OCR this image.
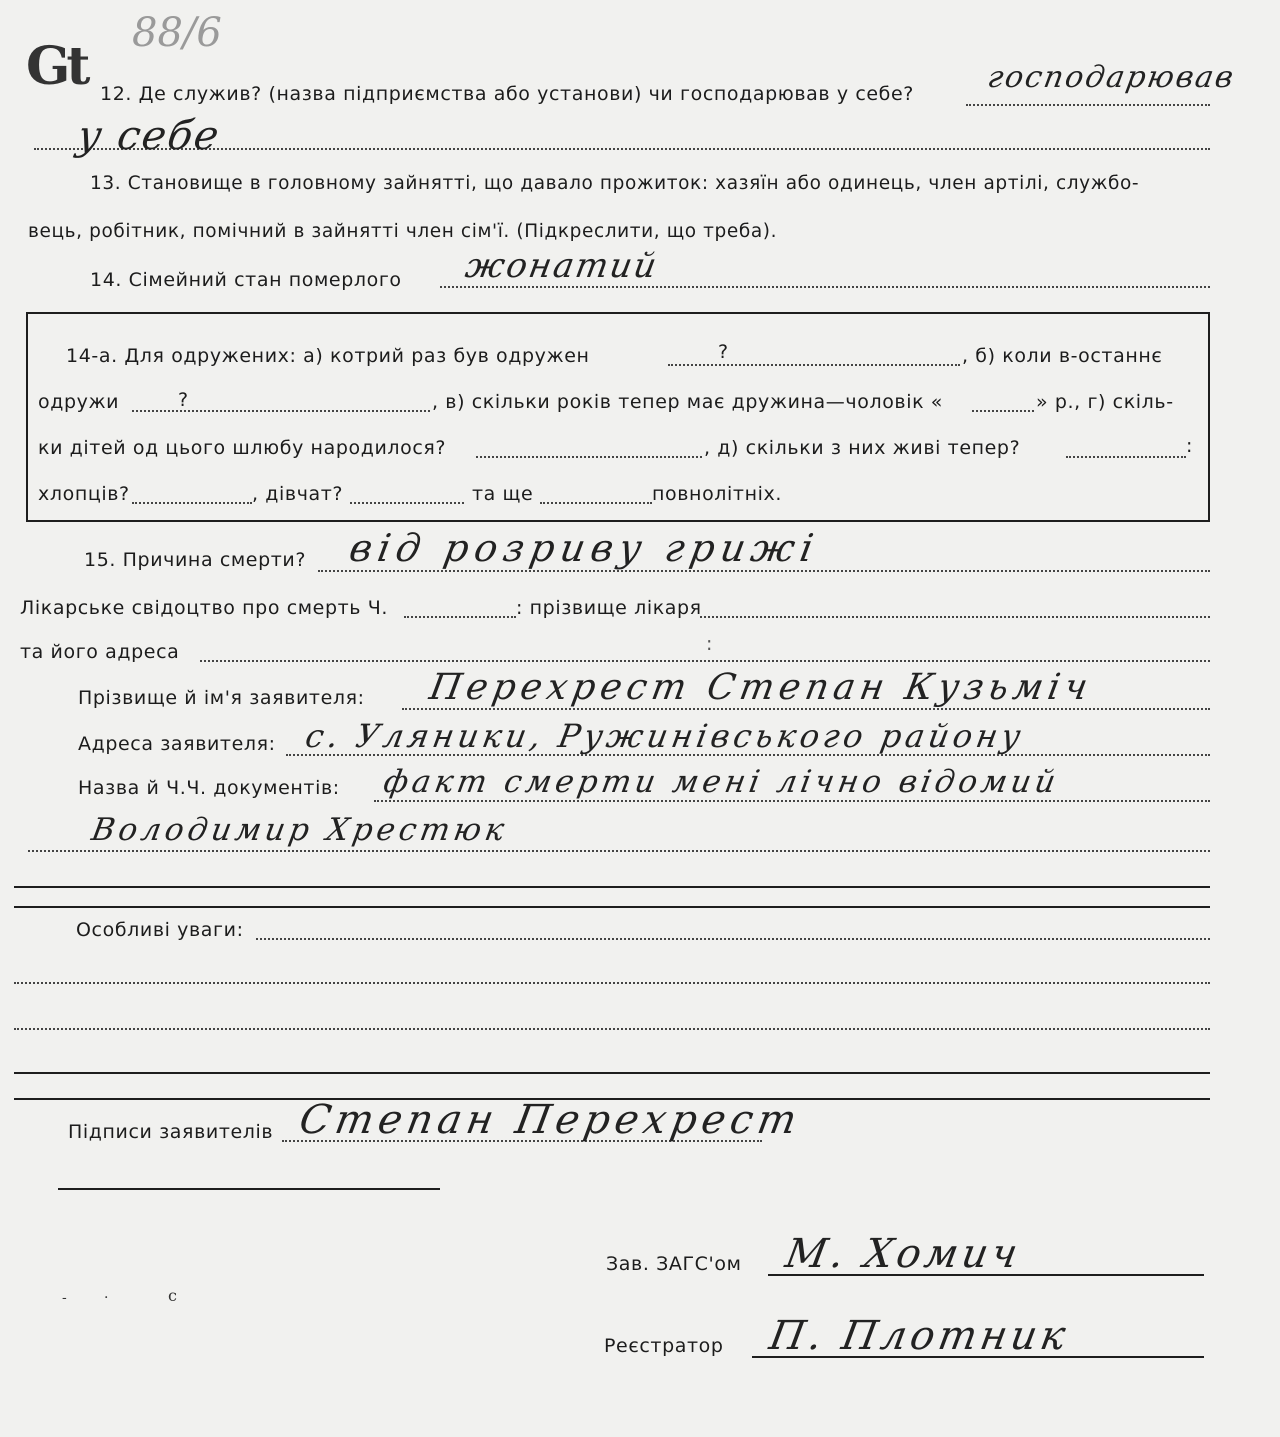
Gt
88/6
12. Де служив? (назва підприємства або установи) чи господарював у себе? господарював
у себе
13. Становище в головному зайнятті, що давало прожиток: хазяїн або одинець, член артілі, службо-
вець, робітник, помічний в зайнятті член сім'ї. (Підкреслити, що треба).
14. Сімейний стан померлого жонатий
14-а. Для одружених: а) котрий раз був одружен	?	, б) коли в-останнє
одружи	?	, в) скільки років тепер має дружина—чоловік «	» р., г) скіль-
ки дітей од цього шлюбу народилося?	, д) скільки з них живі тепер?	:
хлопців?	, дівчат?	та ще	повнолітніх.
15. Причина смерти? від розриву грижі
Лікарське свідоцтво про смерть Ч.	: прізвище лікаря
та його адреса	:
Прізвище й ім'я заявителя: Перехрест Степан Кузьміч
Адреса заявителя: с. Уляники, Ружинівського району
Назва й Ч.Ч. документів: факт смерти мені лічно відомий
Володимир Хрестюк
Особливі уваги:
Підписи заявителів Степан Перехрест
Зав. ЗАГС'ом М. Хомич
Реєстратор П. Плотник
-	·	c
